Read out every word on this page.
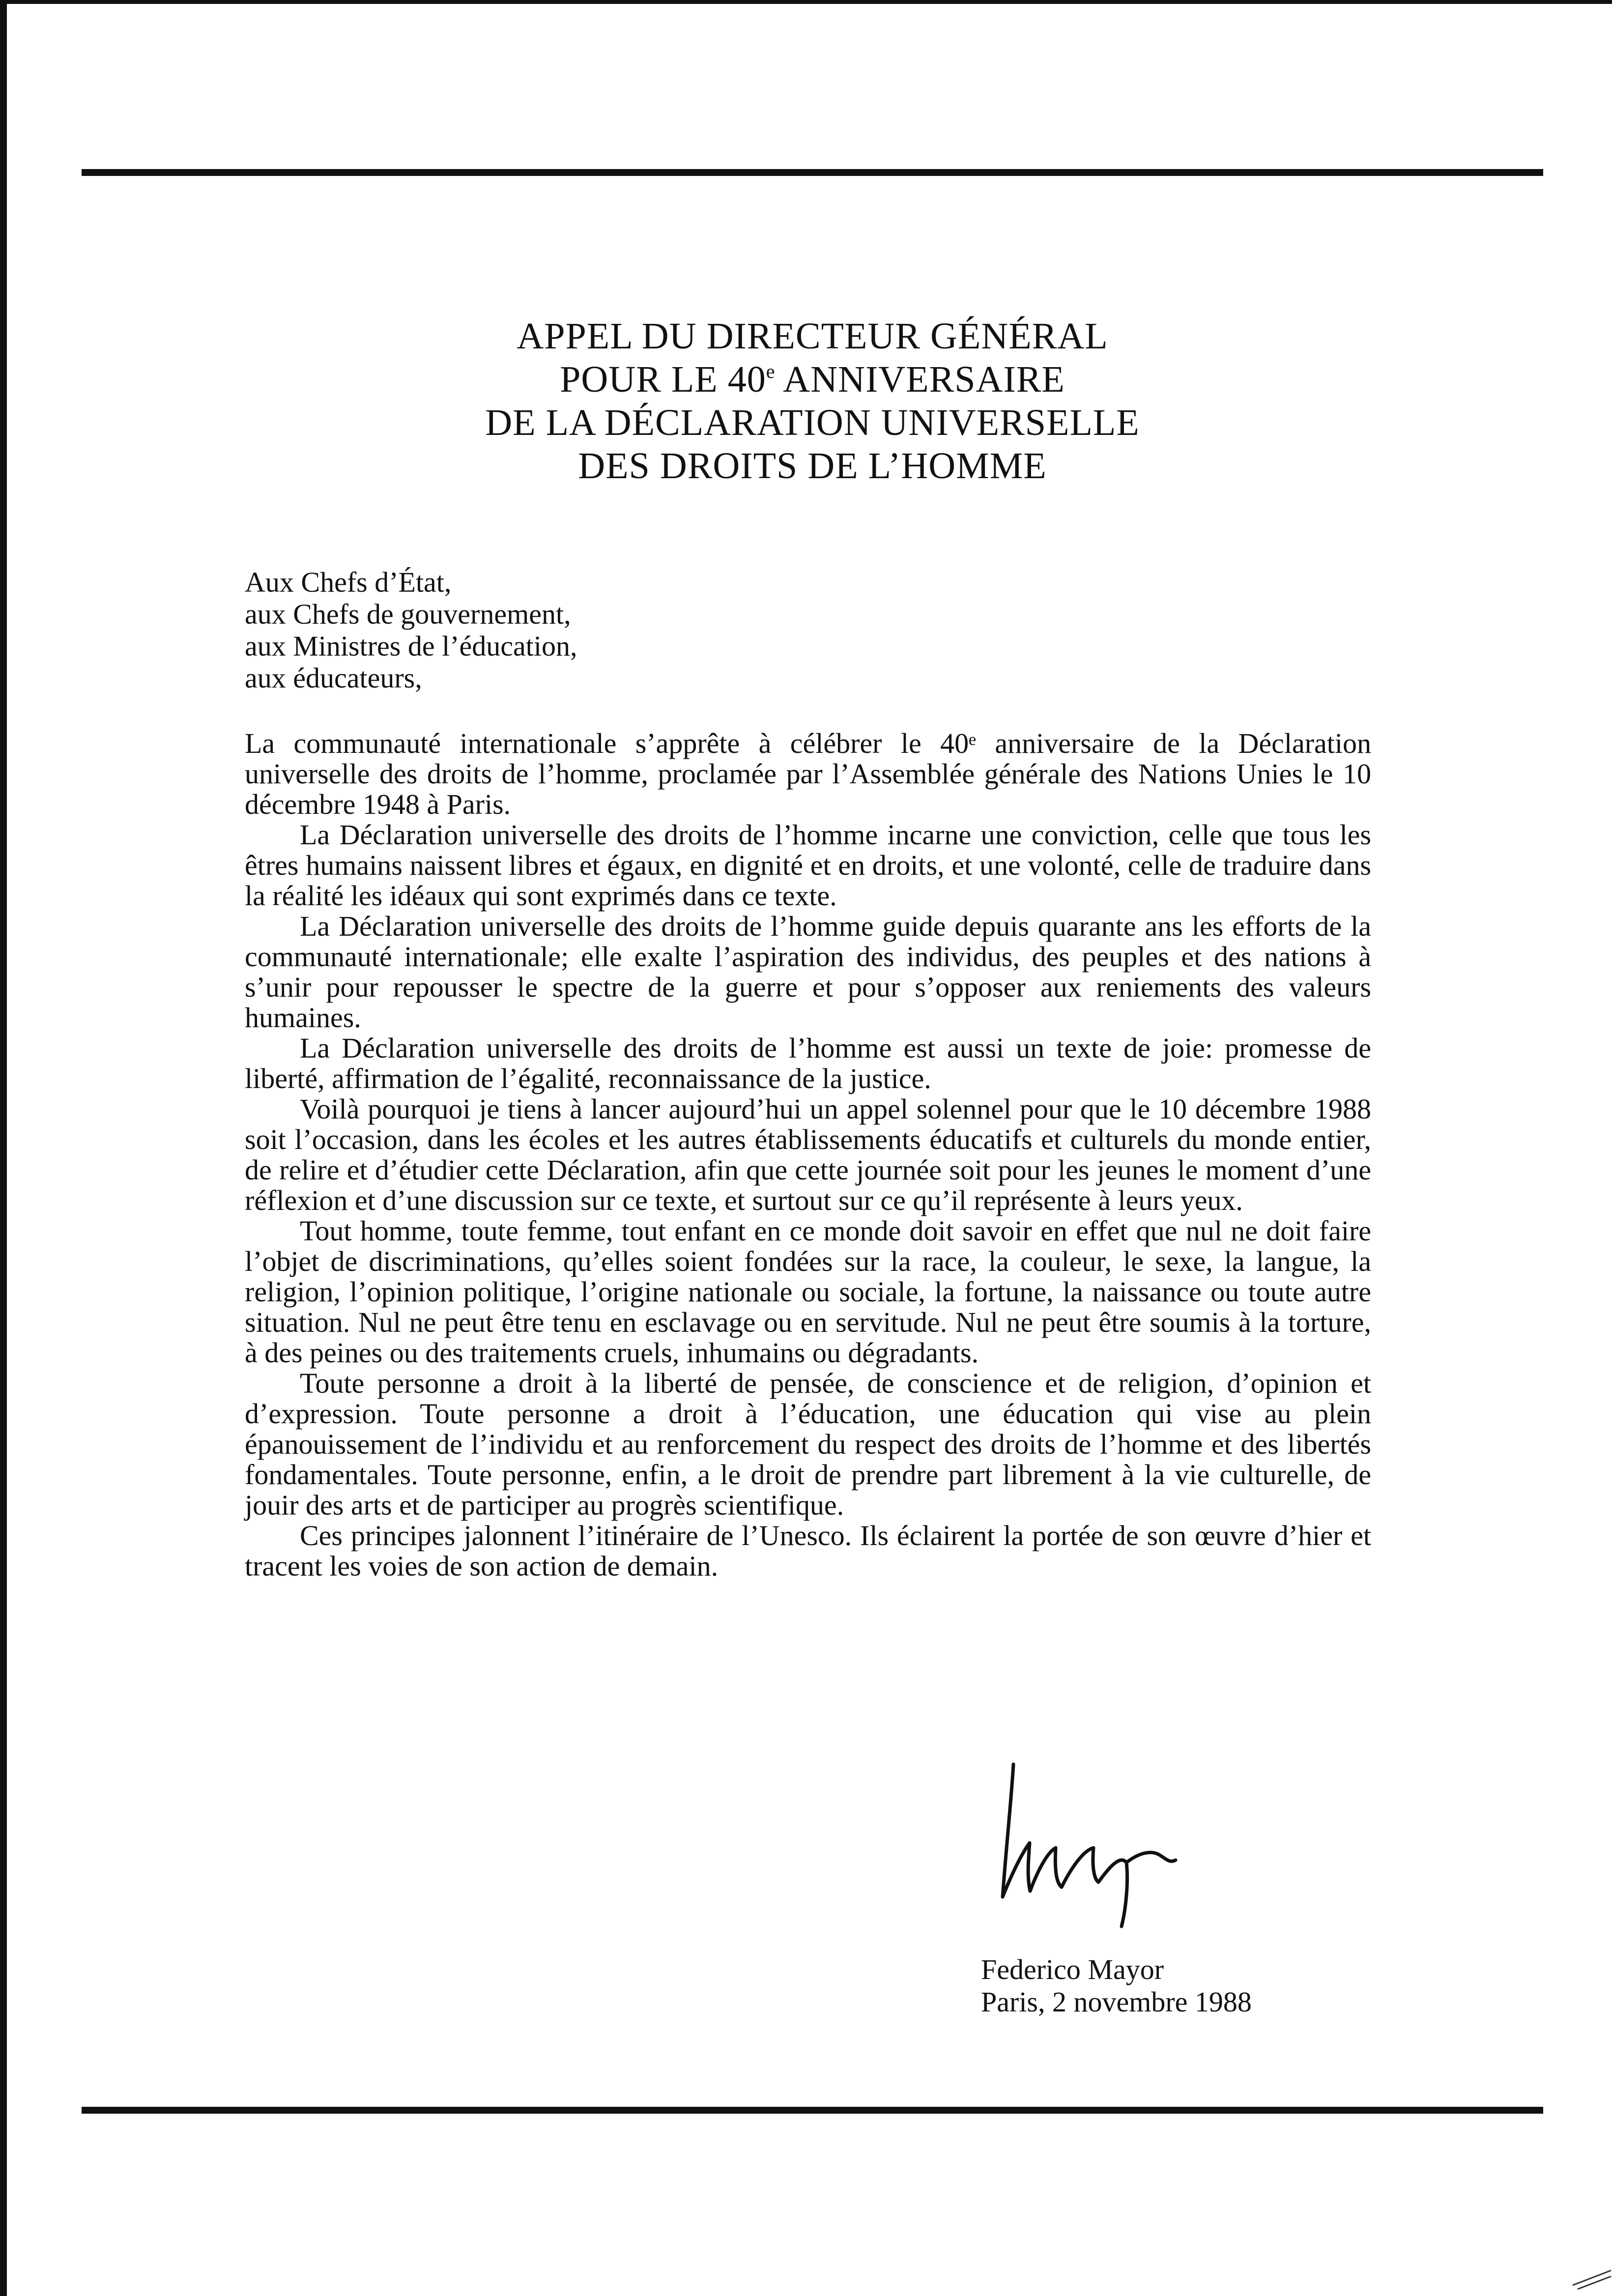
APPEL DU DIRECTEUR GÉNÉRAL
POUR LE 40e ANNIVERSAIRE
DE LA DÉCLARATION UNIVERSELLE
DES DROITS DE L’HOMME
Aux Chefs d’État,
aux Chefs de gouvernement,
aux Ministres de l’éducation,
aux éducateurs,

La communauté internationale s’apprête à célébrer le 40ᵉ anniversaire de la Déclaration universelle des droits de l’homme, proclamée par l’Assemblée générale des Nations Unies le 10 décembre 1948 à Paris.

La Déclaration universelle des droits de l’homme incarne une conviction, celle que tous les êtres humains naissent libres et égaux, en dignité et en droits, et une volonté, celle de traduire dans la réalité les idéaux qui sont exprimés dans ce texte.

La Déclaration universelle des droits de l’homme guide depuis quarante ans les efforts de la communauté internationale; elle exalte l’aspiration des individus, des peuples et des nations à s’unir pour repousser le spectre de la guerre et pour s’opposer aux reniements des valeurs humaines.

La Déclaration universelle des droits de l’homme est aussi un texte de joie: promesse de liberté, affirmation de l’égalité, reconnaissance de la justice.

Voilà pourquoi je tiens à lancer aujourd’hui un appel solennel pour que le 10 décembre 1988 soit l’occasion, dans les écoles et les autres établissements éducatifs et culturels du monde entier, de relire et d’étudier cette Déclaration, afin que cette journée soit pour les jeunes le moment d’une réflexion et d’une discussion sur ce texte, et surtout sur ce qu’il représente à leurs yeux.

Tout homme, toute femme, tout enfant en ce monde doit savoir en effet que nul ne doit faire l’objet de discriminations, qu’elles soient fondées sur la race, la couleur, le sexe, la langue, la religion, l’opinion politique, l’origine nationale ou sociale, la fortune, la naissance ou toute autre situation. Nul ne peut être tenu en esclavage ou en servitude. Nul ne peut être soumis à la torture, à des peines ou des traitements cruels, inhumains ou dégradants.

Toute personne a droit à la liberté de pensée, de conscience et de religion, d’opinion et d’expression. Toute personne a droit à l’éducation, une éducation qui vise au plein épanouissement de l’individu et au renforcement du respect des droits de l’homme et des libertés fondamentales. Toute personne, enfin, a le droit de prendre part librement à la vie culturelle, de jouir des arts et de participer au progrès scientifique.

Ces principes jalonnent l’itinéraire de l’Unesco. Ils éclairent la portée de son œuvre d’hier et tracent les voies de son action de demain.

Federico Mayor
Paris, 2 novembre 1988
